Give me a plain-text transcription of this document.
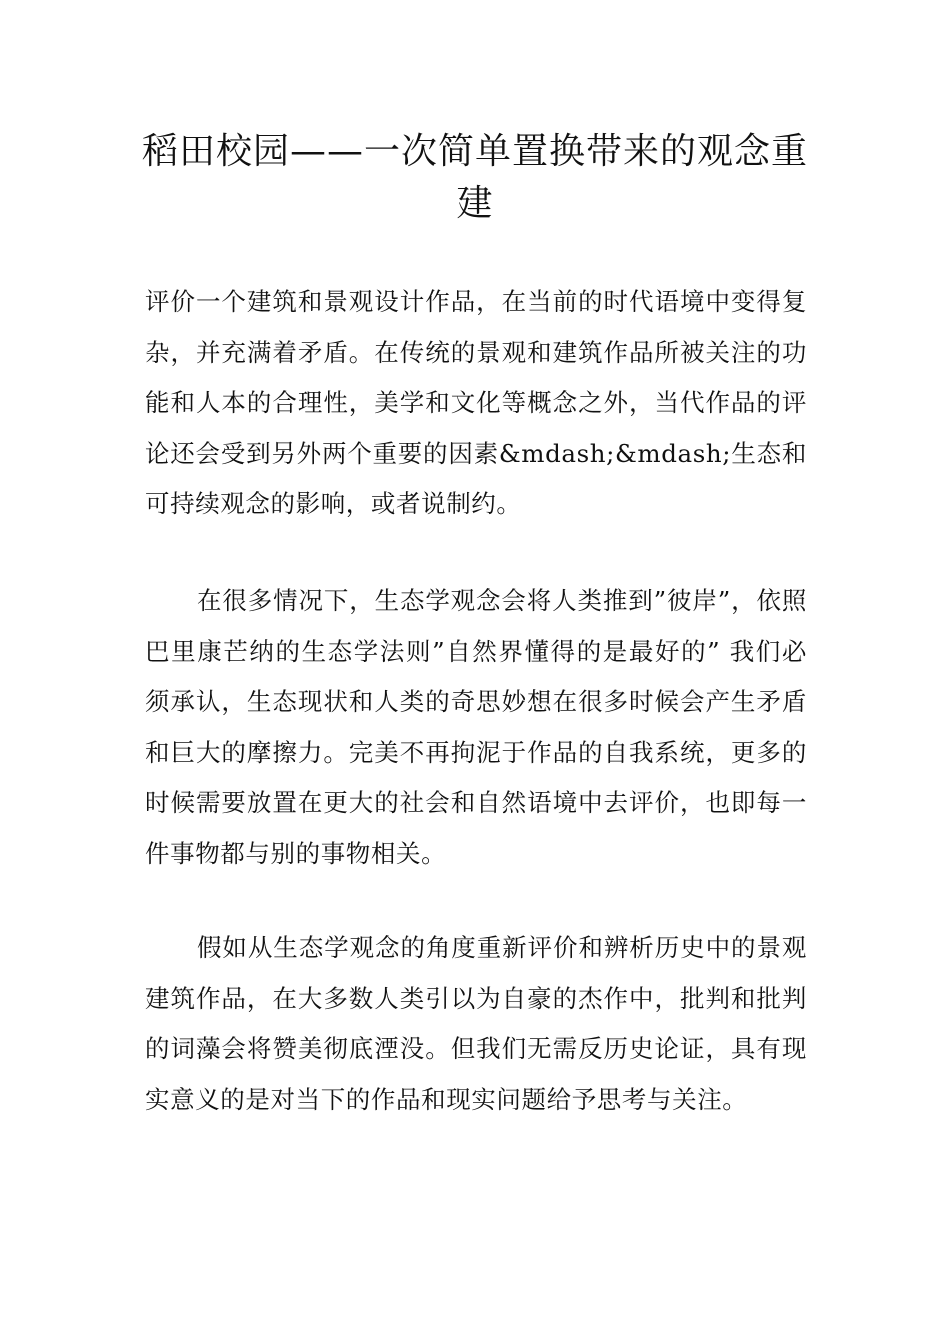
稻田校园——一次简单置换带来的观念重建

评价一个建筑和景观设计作品，在当前的时代语境中变得复杂，并充满着矛盾。在传统的景观和建筑作品所被关注的功能和人本的合理性，美学和文化等概念之外，当代作品的评论还会受到另外两个重要的因素&mdash;&mdash;生态和可持续观念的影响，或者说制约。

在很多情况下，生态学观念会将人类推到”彼岸”，依照巴里康芒纳的生态学法则”自然界懂得的是最好的” 我们必须承认，生态现状和人类的奇思妙想在很多时候会产生矛盾和巨大的摩擦力。完美不再拘泥于作品的自我系统，更多的时候需要放置在更大的社会和自然语境中去评价，也即每一件事物都与别的事物相关。

假如从生态学观念的角度重新评价和辨析历史中的景观建筑作品，在大多数人类引以为自豪的杰作中，批判和批判的词藻会将赞美彻底湮没。但我们无需反历史论证，具有现实意义的是对当下的作品和现实问题给予思考与关注。
